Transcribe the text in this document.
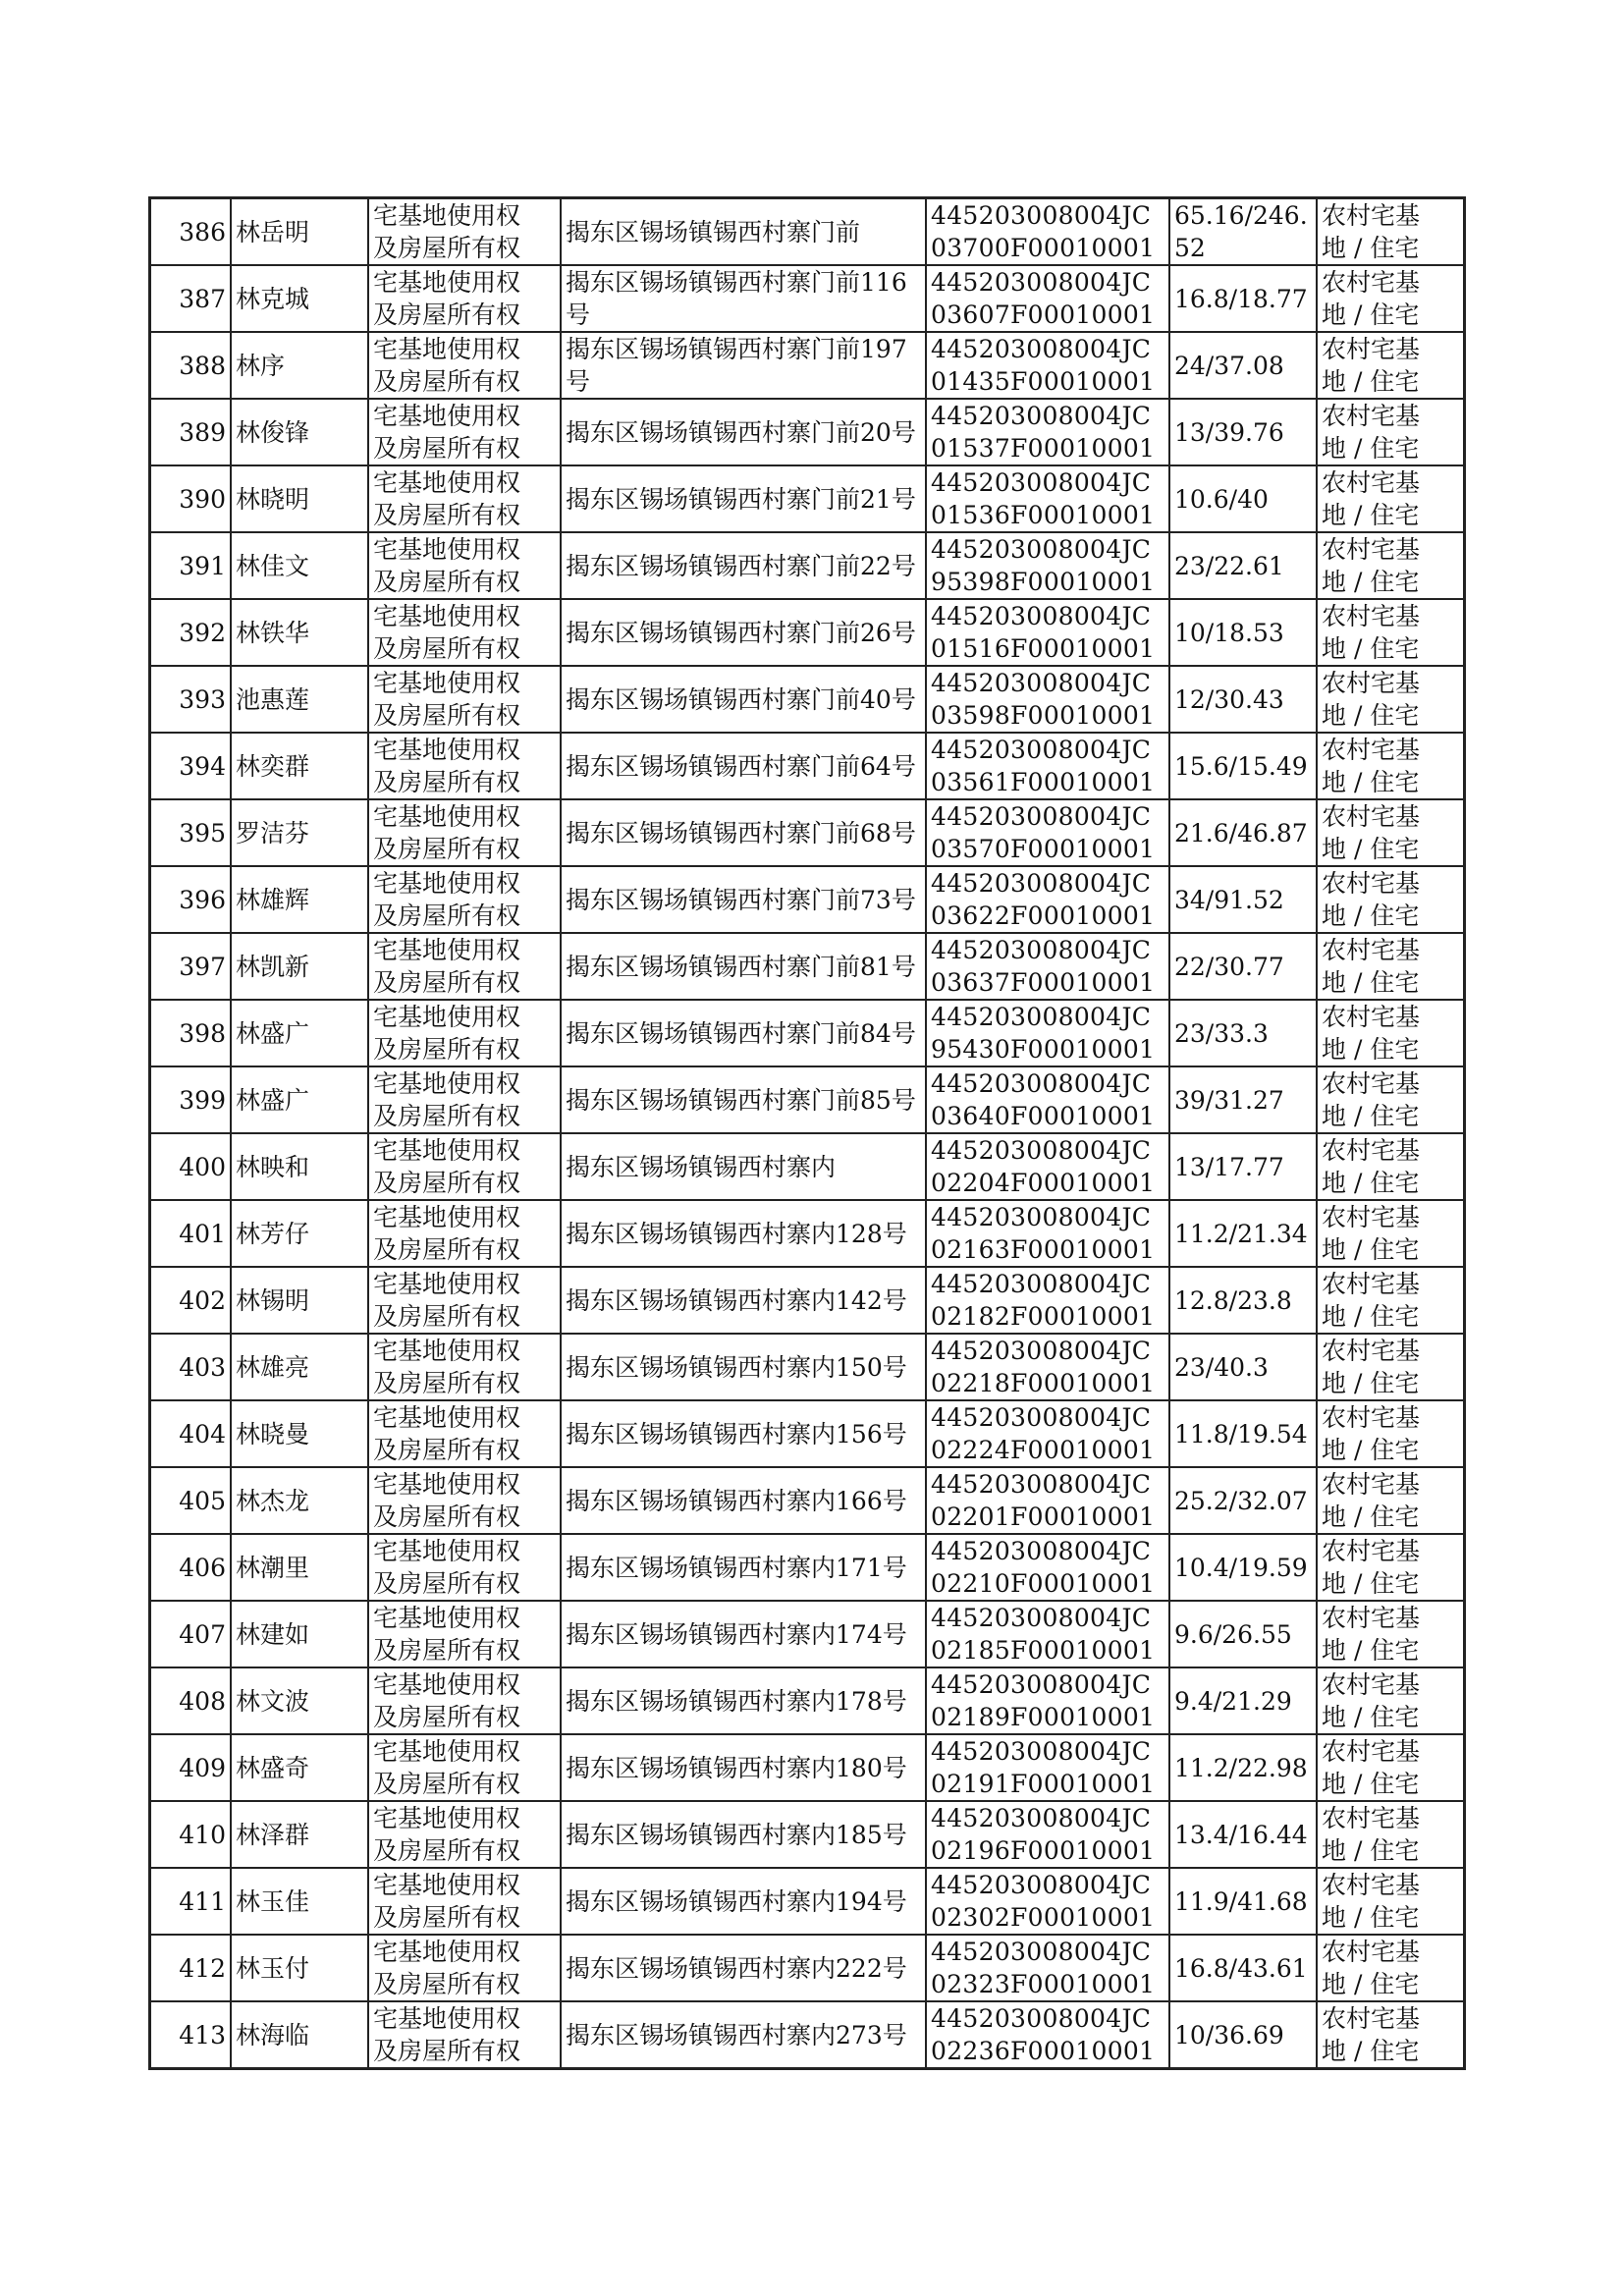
386	林岳明	宅基地使用权
及房屋所有权	揭东区锡场镇锡西村寨门前	445203008004JC03700F00010001	65.16/246.52	农村宅基
地 / 住宅

387	林克城	宅基地使用权
及房屋所有权	揭东区锡场镇锡西村寨门前116号	445203008004JC03607F00010001	16.8/18.77	农村宅基
地 / 住宅

388	林序	宅基地使用权
及房屋所有权	揭东区锡场镇锡西村寨门前197号	445203008004JC01435F00010001	24/37.08	农村宅基
地 / 住宅

389	林俊锋	宅基地使用权
及房屋所有权	揭东区锡场镇锡西村寨门前20号	445203008004JC01537F00010001	13/39.76	农村宅基
地 / 住宅

390	林晓明	宅基地使用权
及房屋所有权	揭东区锡场镇锡西村寨门前21号	445203008004JC01536F00010001	10.6/40	农村宅基
地 / 住宅

391	林佳文	宅基地使用权
及房屋所有权	揭东区锡场镇锡西村寨门前22号	445203008004JC95398F00010001	23/22.61	农村宅基
地 / 住宅

392	林铁华	宅基地使用权
及房屋所有权	揭东区锡场镇锡西村寨门前26号	445203008004JC01516F00010001	10/18.53	农村宅基
地 / 住宅

393	池惠莲	宅基地使用权
及房屋所有权	揭东区锡场镇锡西村寨门前40号	445203008004JC03598F00010001	12/30.43	农村宅基
地 / 住宅

394	林奕群	宅基地使用权
及房屋所有权	揭东区锡场镇锡西村寨门前64号	445203008004JC03561F00010001	15.6/15.49	农村宅基
地 / 住宅

395	罗洁芬	宅基地使用权
及房屋所有权	揭东区锡场镇锡西村寨门前68号	445203008004JC03570F00010001	21.6/46.87	农村宅基
地 / 住宅

396	林雄辉	宅基地使用权
及房屋所有权	揭东区锡场镇锡西村寨门前73号	445203008004JC03622F00010001	34/91.52	农村宅基
地 / 住宅

397	林凯新	宅基地使用权
及房屋所有权	揭东区锡场镇锡西村寨门前81号	445203008004JC03637F00010001	22/30.77	农村宅基
地 / 住宅

398	林盛广	宅基地使用权
及房屋所有权	揭东区锡场镇锡西村寨门前84号	445203008004JC95430F00010001	23/33.3	农村宅基
地 / 住宅

399	林盛广	宅基地使用权
及房屋所有权	揭东区锡场镇锡西村寨门前85号	445203008004JC03640F00010001	39/31.27	农村宅基
地 / 住宅

400	林映和	宅基地使用权
及房屋所有权	揭东区锡场镇锡西村寨内	445203008004JC02204F00010001	13/17.77	农村宅基
地 / 住宅

401	林芳仔	宅基地使用权
及房屋所有权	揭东区锡场镇锡西村寨内128号	445203008004JC02163F00010001	11.2/21.34	农村宅基
地 / 住宅

402	林锡明	宅基地使用权
及房屋所有权	揭东区锡场镇锡西村寨内142号	445203008004JC02182F00010001	12.8/23.8	农村宅基
地 / 住宅

403	林雄亮	宅基地使用权
及房屋所有权	揭东区锡场镇锡西村寨内150号	445203008004JC02218F00010001	23/40.3	农村宅基
地 / 住宅

404	林晓曼	宅基地使用权
及房屋所有权	揭东区锡场镇锡西村寨内156号	445203008004JC02224F00010001	11.8/19.54	农村宅基
地 / 住宅

405	林杰龙	宅基地使用权
及房屋所有权	揭东区锡场镇锡西村寨内166号	445203008004JC02201F00010001	25.2/32.07	农村宅基
地 / 住宅

406	林潮里	宅基地使用权
及房屋所有权	揭东区锡场镇锡西村寨内171号	445203008004JC02210F00010001	10.4/19.59	农村宅基
地 / 住宅

407	林建如	宅基地使用权
及房屋所有权	揭东区锡场镇锡西村寨内174号	445203008004JC02185F00010001	9.6/26.55	农村宅基
地 / 住宅

408	林文波	宅基地使用权
及房屋所有权	揭东区锡场镇锡西村寨内178号	445203008004JC02189F00010001	9.4/21.29	农村宅基
地 / 住宅

409	林盛奇	宅基地使用权
及房屋所有权	揭东区锡场镇锡西村寨内180号	445203008004JC02191F00010001	11.2/22.98	农村宅基
地 / 住宅

410	林泽群	宅基地使用权
及房屋所有权	揭东区锡场镇锡西村寨内185号	445203008004JC02196F00010001	13.4/16.44	农村宅基
地 / 住宅

411	林玉佳	宅基地使用权
及房屋所有权	揭东区锡场镇锡西村寨内194号	445203008004JC02302F00010001	11.9/41.68	农村宅基
地 / 住宅

412	林玉付	宅基地使用权
及房屋所有权	揭东区锡场镇锡西村寨内222号	445203008004JC02323F00010001	16.8/43.61	农村宅基
地 / 住宅

413	林海临	宅基地使用权
及房屋所有权	揭东区锡场镇锡西村寨内273号	445203008004JC02236F00010001	10/36.69	农村宅基
地 / 住宅
